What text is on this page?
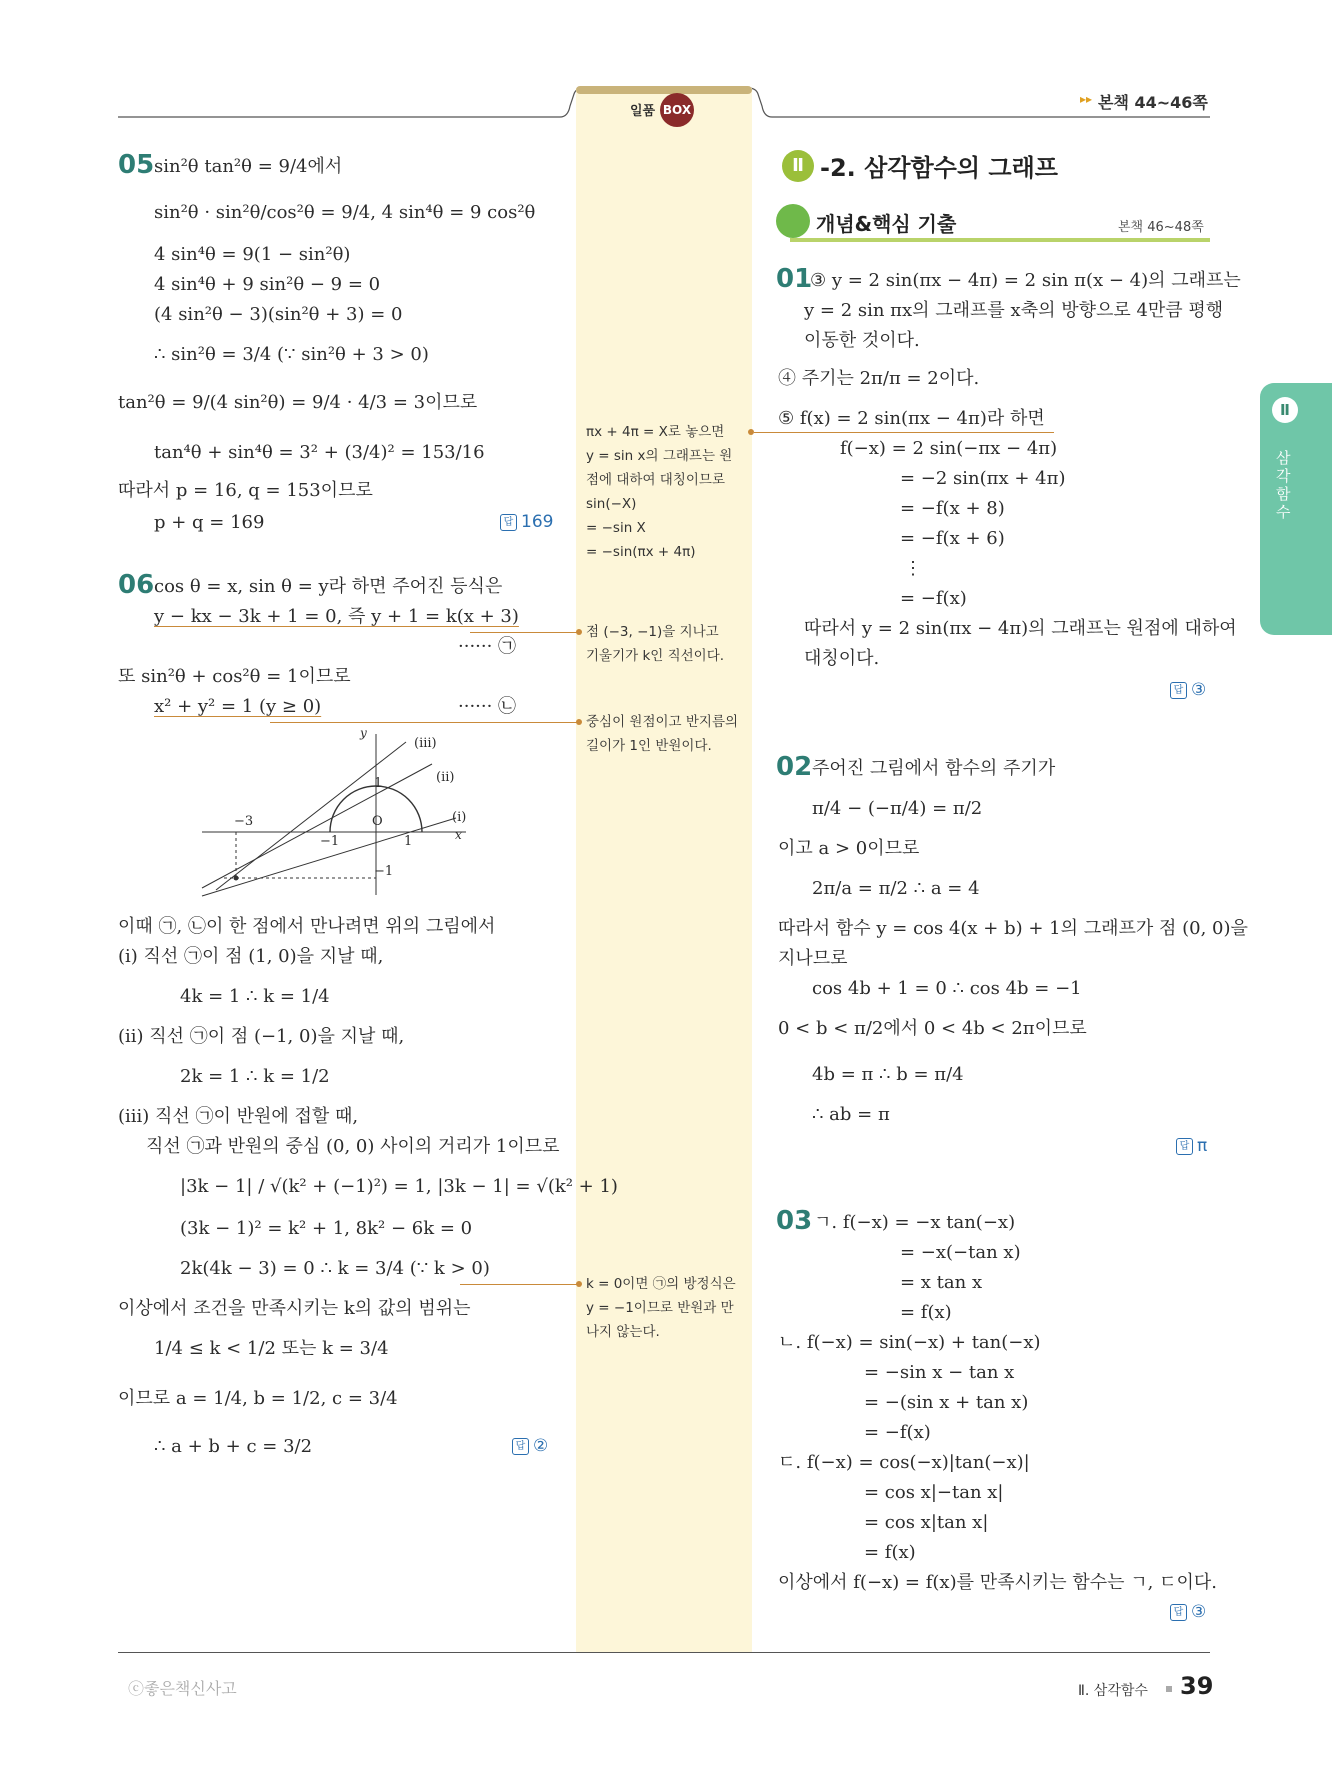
일품 BOX
▸▸ 본책 44~46쪽
05 sin²θ tan²θ = 9/4에서
sin²θ · sin²θ/cos²θ = 9/4, 4 sin⁴θ = 9 cos²θ
4 sin⁴θ = 9(1 − sin²θ)
4 sin⁴θ + 9 sin²θ − 9 = 0
(4 sin²θ − 3)(sin²θ + 3) = 0
∴ sin²θ = 3/4 (∵ sin²θ + 3 > 0)
tan²θ = 9/(4 sin²θ) = 9/4 · 4/3 = 3이므로
tan⁴θ + sin⁴θ = 3² + (3/4)² = 153/16
따라서 p = 16, q = 153이므로
p + q = 169	답 169
06 cos θ = x, sin θ = y라 하면 주어진 등식은
y − kx − 3k + 1 = 0, 즉 y + 1 = k(x + 3)
······ ㉠
또 sin²θ + cos²θ = 1이므로
x² + y² = 1 (y ≥ 0)	······ ㉡
y
x
O
−3
−1	1
−1
1
(i)
(ii)
(iii)
이때 ㉠, ㉡이 한 점에서 만나려면 위의 그림에서
(i) 직선 ㉠이 점 (1, 0)을 지날 때,
4k = 1 ∴ k = 1/4
(ii) 직선 ㉠이 점 (−1, 0)을 지날 때,
2k = 1 ∴ k = 1/2
(iii) 직선 ㉠이 반원에 접할 때,
직선 ㉠과 반원의 중심 (0, 0) 사이의 거리가 1이므로
|3k − 1| / √(k² + (−1)²) = 1, |3k − 1| = √(k² + 1)
(3k − 1)² = k² + 1, 8k² − 6k = 0
2k(4k − 3) = 0 ∴ k = 3/4 (∵ k > 0)
이상에서 조건을 만족시키는 k의 값의 범위는
1/4 ≤ k < 1/2 또는 k = 3/4
이므로 a = 1/4, b = 1/2, c = 3/4
∴ a + b + c = 3/2	답 ②
πx + 4π = X로 놓으면
y = sin x의 그래프는 원
점에 대하여 대칭이므로
sin(−X)
= −sin X
= −sin(πx + 4π)
점 (−3, −1)을 지나고
기울기가 k인 직선이다.
중심이 원점이고 반지름의
길이가 1인 반원이다.
k = 0이면 ㉠의 방정식은
y = −1이므로 반원과 만
나지 않는다.
Ⅱ -2. 삼각함수의 그래프
개념&핵심 기출	본책 46~48쪽
01
③ y = 2 sin(πx − 4π) = 2 sin π(x − 4)의 그래프는
y = 2 sin πx의 그래프를 x축의 방향으로 4만큼 평행
이동한 것이다.
④ 주기는 2π/π = 2이다.
⑤ f(x) = 2 sin(πx − 4π)라 하면
f(−x) = 2 sin(−πx − 4π)
= −2 sin(πx + 4π)
= −f(x + 8)
= −f(x + 6)
⋮
= −f(x)
따라서 y = 2 sin(πx − 4π)의 그래프는 원점에 대하여
대칭이다.
답 ③
02 주어진 그림에서 함수의 주기가
π/4 − (−π/4) = π/2
이고 a > 0이므로
2π/a = π/2 ∴ a = 4
따라서 함수 y = cos 4(x + b) + 1의 그래프가 점 (0, 0)을
지나므로
cos 4b + 1 = 0 ∴ cos 4b = −1
0 < b < π/2에서 0 < 4b < 2π이므로
4b = π ∴ b = π/4
∴ ab = π
답 π
03 ㄱ. f(−x) = −x tan(−x)
= −x(−tan x)
= x tan x
= f(x)
ㄴ. f(−x) = sin(−x) + tan(−x)
= −sin x − tan x
= −(sin x + tan x)
= −f(x)
ㄷ. f(−x) = cos(−x)|tan(−x)|
= cos x|−tan x|
= cos x|tan x|
= f(x)
이상에서 f(−x) = f(x)를 만족시키는 함수는 ㄱ, ㄷ이다.
답 ③
Ⅱ
삼각함수
ⓒ좋은책신사고	Ⅱ. 삼각함수 39
